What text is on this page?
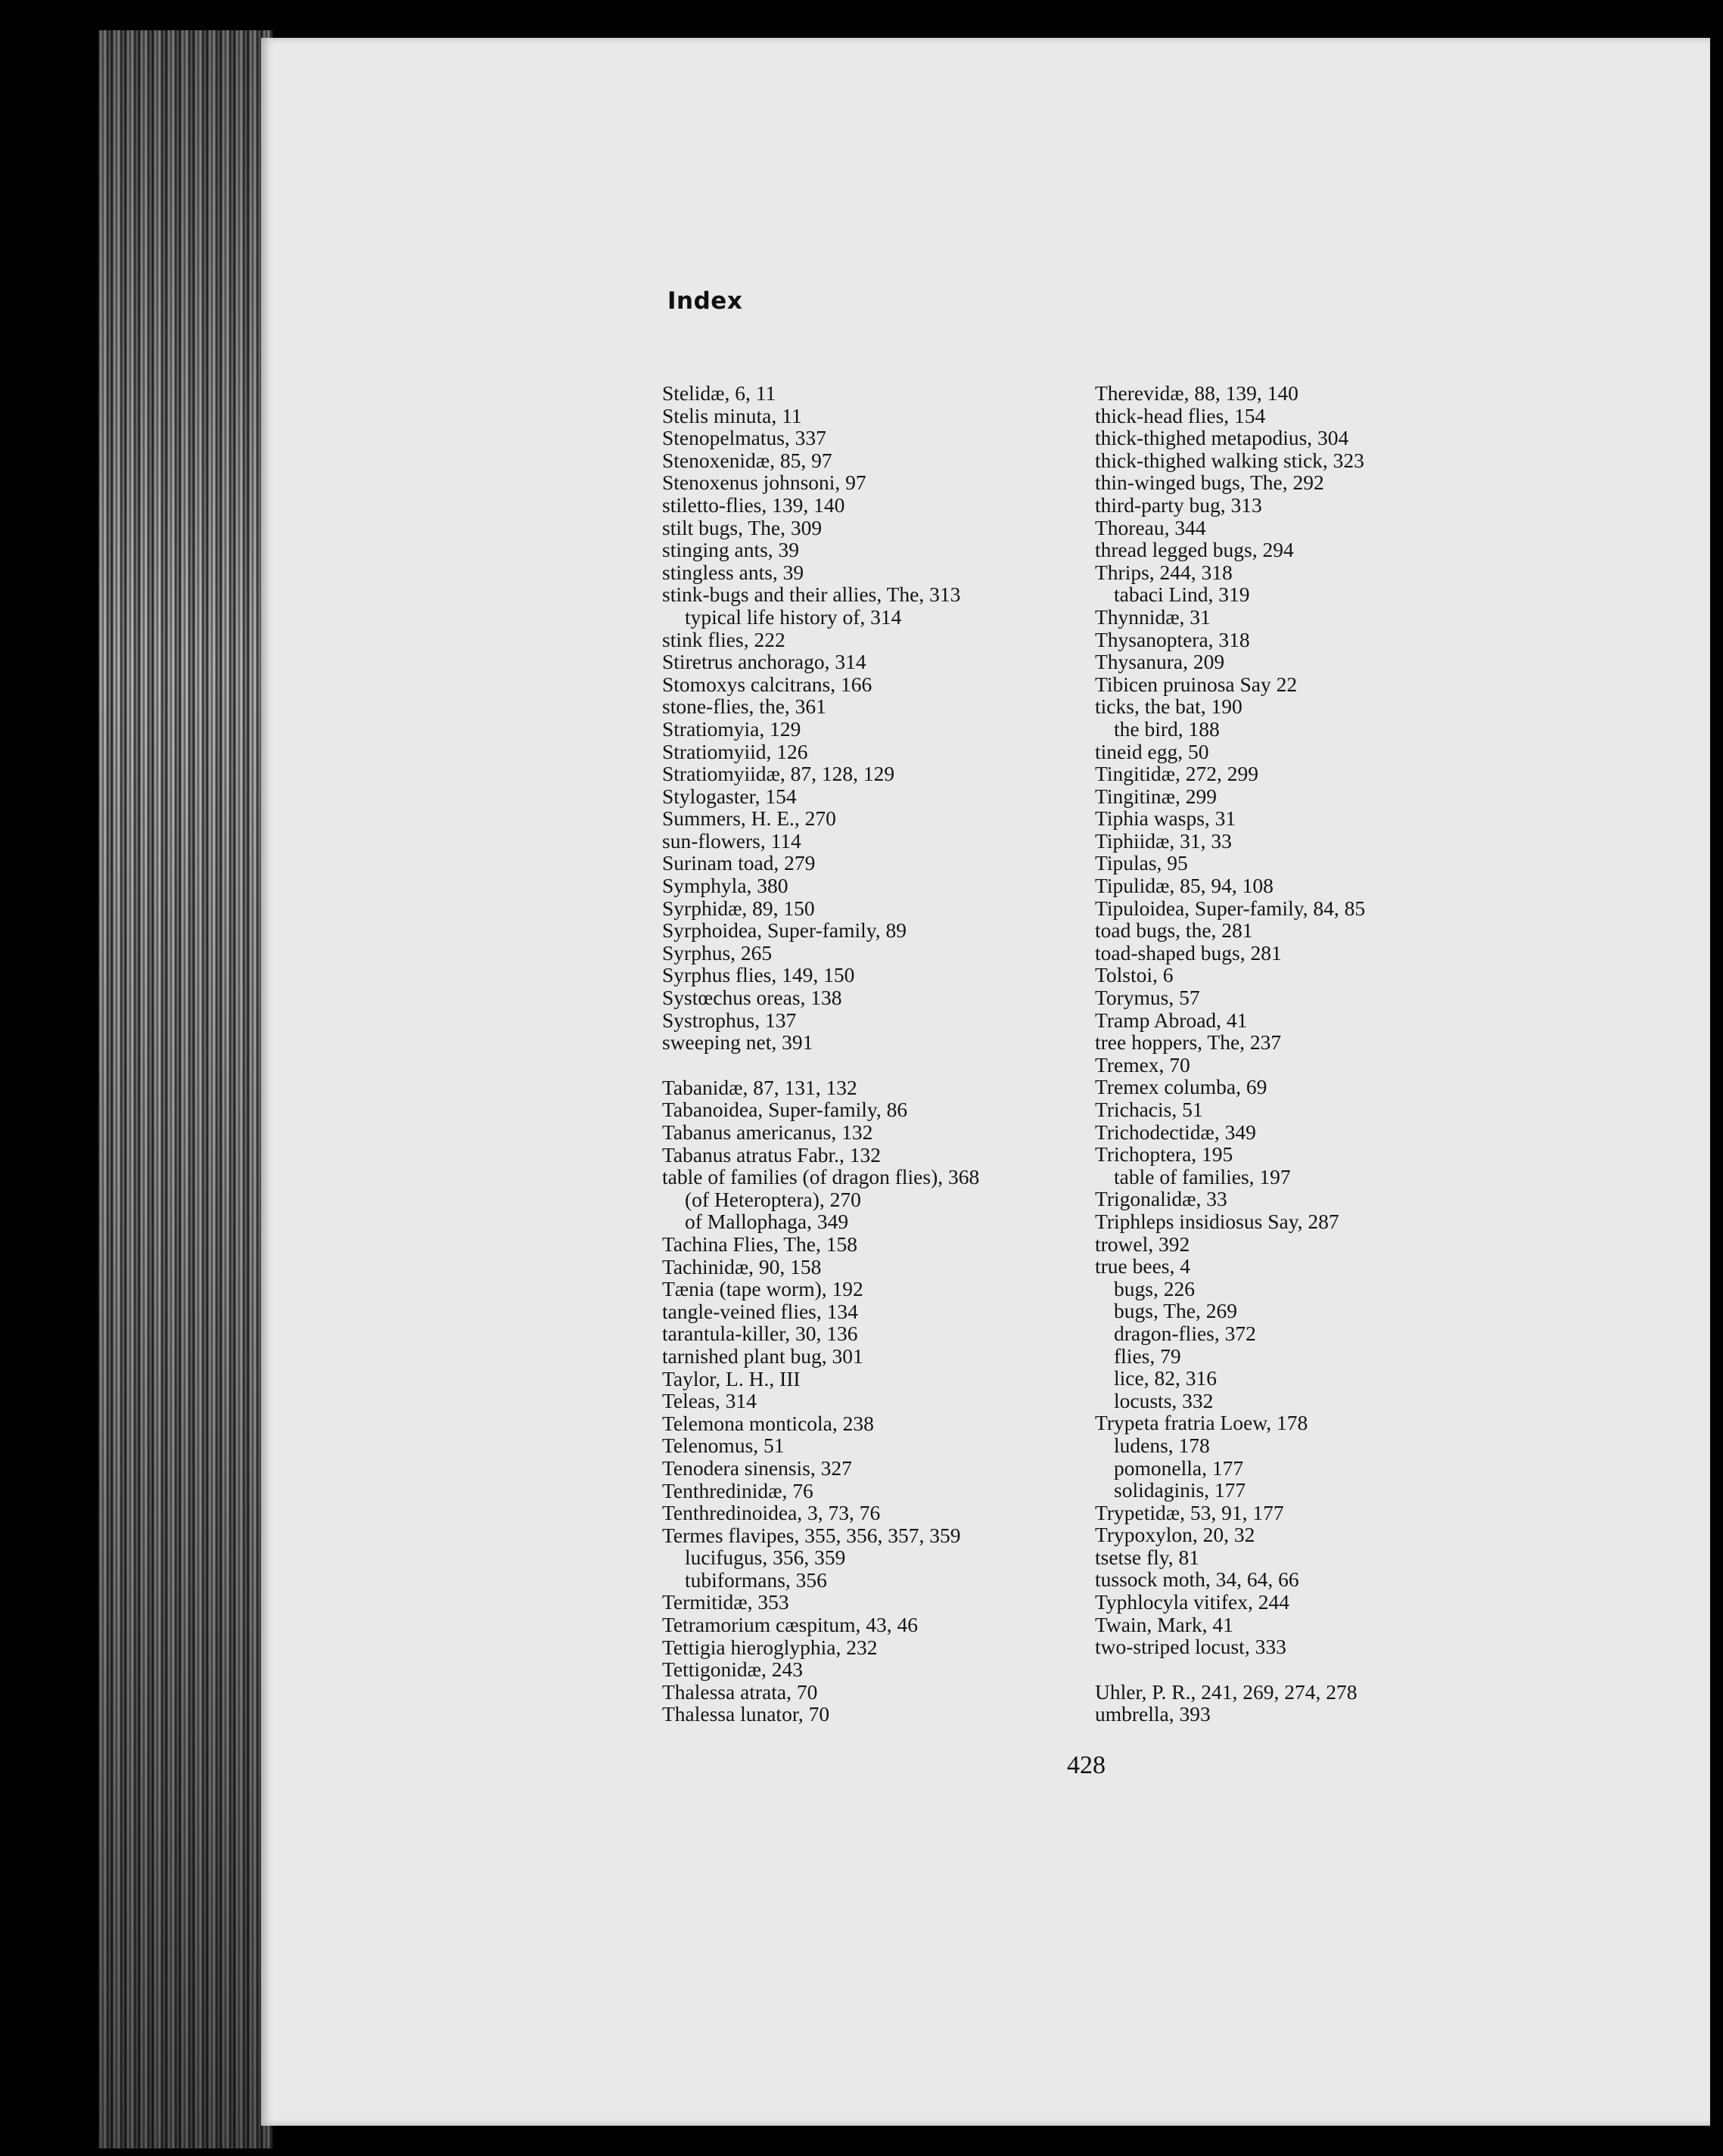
Index
Stelidæ, 6, 11
Stelis minuta, 11
Stenopelmatus, 337
Stenoxenidæ, 85, 97
Stenoxenus johnsoni, 97
stiletto-flies, 139, 140
stilt bugs, The, 309
stinging ants, 39
stingless ants, 39
stink-bugs and their allies, The, 313
typical life history of, 314
stink flies, 222
Stiretrus anchorago, 314
Stomoxys calcitrans, 166
stone-flies, the, 361
Stratiomyia, 129
Stratiomyiid, 126
Stratiomyiidæ, 87, 128, 129
Stylogaster, 154
Summers, H. E., 270
sun-flowers, 114
Surinam toad, 279
Symphyla, 380
Syrphidæ, 89, 150
Syrphoidea, Super-family, 89
Syrphus, 265
Syrphus flies, 149, 150
Systœchus oreas, 138
Systrophus, 137
sweeping net, 391
Tabanidæ, 87, 131, 132
Tabanoidea, Super-family, 86
Tabanus americanus, 132
Tabanus atratus Fabr., 132
table of families (of dragon flies), 368
(of Heteroptera), 270
of Mallophaga, 349
Tachina Flies, The, 158
Tachinidæ, 90, 158
Tænia (tape worm), 192
tangle-veined flies, 134
tarantula-killer, 30, 136
tarnished plant bug, 301
Taylor, L. H., III
Teleas, 314
Telemona monticola, 238
Telenomus, 51
Tenodera sinensis, 327
Tenthredinidæ, 76
Tenthredinoidea, 3, 73, 76
Termes flavipes, 355, 356, 357, 359
lucifugus, 356, 359
tubiformans, 356
Termitidæ, 353
Tetramorium cæspitum, 43, 46
Tettigia hieroglyphia, 232
Tettigonidæ, 243
Thalessa atrata, 70
Thalessa lunator, 70
Therevidæ, 88, 139, 140
thick-head flies, 154
thick-thighed metapodius, 304
thick-thighed walking stick, 323
thin-winged bugs, The, 292
third-party bug, 313
Thoreau, 344
thread legged bugs, 294
Thrips, 244, 318
tabaci Lind, 319
Thynnidæ, 31
Thysanoptera, 318
Thysanura, 209
Tibicen pruinosa Say 22
ticks, the bat, 190
the bird, 188
tineid egg, 50
Tingitidæ, 272, 299
Tingitinæ, 299
Tiphia wasps, 31
Tiphiidæ, 31, 33
Tipulas, 95
Tipulidæ, 85, 94, 108
Tipuloidea, Super-family, 84, 85
toad bugs, the, 281
toad-shaped bugs, 281
Tolstoi, 6
Torymus, 57
Tramp Abroad, 41
tree hoppers, The, 237
Tremex, 70
Tremex columba, 69
Trichacis, 51
Trichodectidæ, 349
Trichoptera, 195
table of families, 197
Trigonalidæ, 33
Triphleps insidiosus Say, 287
trowel, 392
true bees, 4
bugs, 226
bugs, The, 269
dragon-flies, 372
flies, 79
lice, 82, 316
locusts, 332
Trypeta fratria Loew, 178
ludens, 178
pomonella, 177
solidaginis, 177
Trypetidæ, 53, 91, 177
Trypoxylon, 20, 32
tsetse fly, 81
tussock moth, 34, 64, 66
Typhlocyla vitifex, 244
Twain, Mark, 41
two-striped locust, 333
Uhler, P. R., 241, 269, 274, 278
umbrella, 393
428
